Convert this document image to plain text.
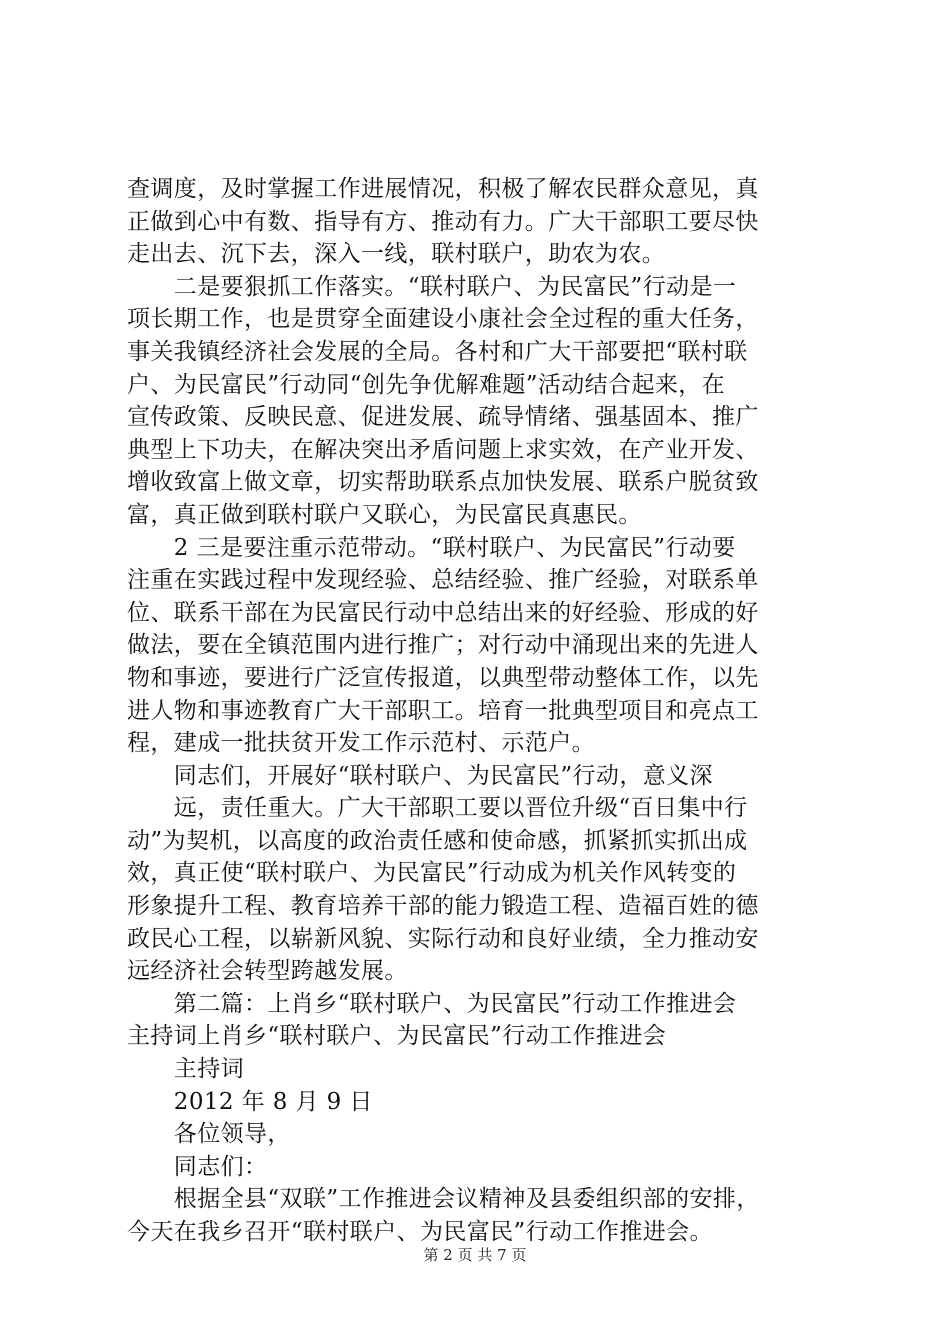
查调度，及时掌握工作进展情况，积极了解农民群众意见，真

正做到心中有数、指导有方、推动有力。广大干部职工要尽快

走出去、沉下去，深入一线，联村联户，助农为农。

　　二是要狠抓工作落实。“联村联户、为民富民”行动是一

项长期工作，也是贯穿全面建设小康社会全过程的重大任务，

事关我镇经济社会发展的全局。各村和广大干部要把“联村联

户、为民富民”行动同“创先争优解难题”活动结合起来，在

宣传政策、反映民意、促进发展、疏导情绪、强基固本、推广

典型上下功夫，在解决突出矛盾问题上求实效，在产业开发、

增收致富上做文章，切实帮助联系点加快发展、联系户脱贫致

富，真正做到联村联户又联心，为民富民真惠民。

　　2 三是要注重示范带动。“联村联户、为民富民”行动要

注重在实践过程中发现经验、总结经验、推广经验，对联系单

位、联系干部在为民富民行动中总结出来的好经验、形成的好

做法，要在全镇范围内进行推广；对行动中涌现出来的先进人

物和事迹，要进行广泛宣传报道，以典型带动整体工作，以先

进人物和事迹教育广大干部职工。培育一批典型项目和亮点工

程，建成一批扶贫开发工作示范村、示范户。

　　同志们，开展好“联村联户、为民富民”行动，意义深

　　远，责任重大。广大干部职工要以晋位升级“百日集中行

动”为契机，以高度的政治责任感和使命感，抓紧抓实抓出成

效，真正使“联村联户、为民富民”行动成为机关作风转变的

形象提升工程、教育培养干部的能力锻造工程、造福百姓的德

政民心工程，以崭新风貌、实际行动和良好业绩，全力推动安

远经济社会转型跨越发展。

　　第二篇：上肖乡“联村联户、为民富民”行动工作推进会

主持词上肖乡“联村联户、为民富民”行动工作推进会

　　主持词

　　2012 年 8 月 9 日

　　各位领导，

　　同志们：

　　根据全县“双联”工作推进会议精神及县委组织部的安排，

今天在我乡召开“联村联户、为民富民”行动工作推进会。

第 2 页 共 7 页
